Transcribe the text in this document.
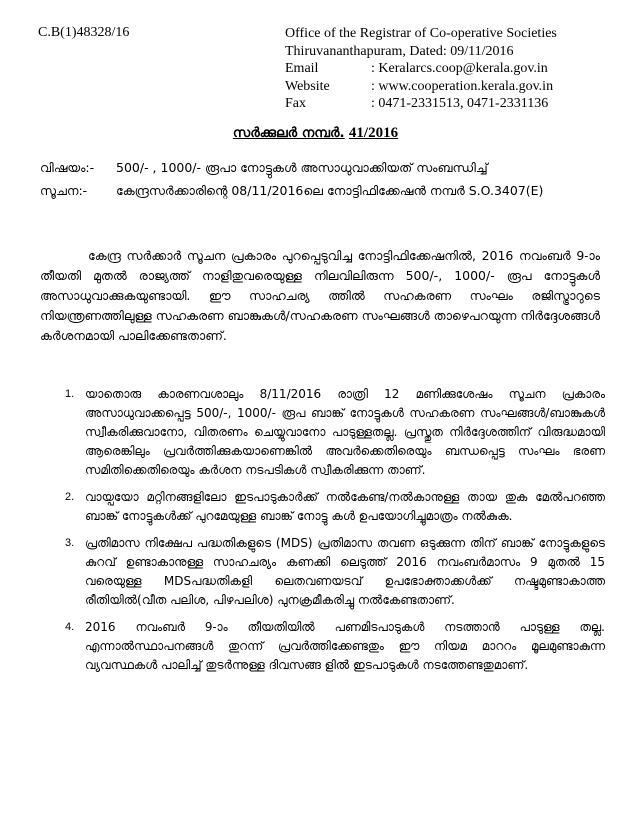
C.B(1)48328/16	Office of the Registrar of Co-operative Societies
Thiruvananthapuram, Dated: 09/11/2016
Email	: Keralarcs.coop@kerala.gov.in
Website	: www.cooperation.kerala.gov.in
Fax	: 0471-2331513, 0471-2331136
സർക്കുലർ നമ്പർ. 41/2016
വിഷയം:- 500/- , 1000/- രൂപാ നോട്ടുകൾ അസാധുവാക്കിയത് സംബന്ധിച്ച്
സൂചന:- കേന്ദ്രസർക്കാരിന്റെ 08/11/2016ലെ നോട്ടിഫിക്കേഷൻ നമ്പർ S.O.3407(E)
കേന്ദ്ര സർക്കാർ സൂചന പ്രകാരം പുറപ്പെടുവിച്ച നോട്ടിഫിക്കേഷനിൽ, 2016 നവംബർ 9-ാം തീയതി മുതൽ രാജ്യത്ത് നാളിതുവരെയുള്ള നിലവിലിരുന്ന 500/-, 1000/- രൂപ നോട്ടുകൾ അസാധുവാക്കുകയുണ്ടായി. ഈ സാഹചര്യ ത്തിൽ സഹകരണ സംഘം രജിസ്ട്രാറുടെ നിയന്ത്രണത്തിലുള്ള സഹകരണ ബാങ്കുകൾ/സഹകരണ സംഘങ്ങൾ താഴെപറയുന്ന നിർദ്ദേശങ്ങൾ കർശനമായി പാലിക്കേണ്ടതാണ്.
1. യാതൊരു കാരണവശാലും 8/11/2016 രാത്രി 12 മണിക്കുശേഷം സൂചന പ്രകാരം അസാധുവാക്കപ്പെട്ട 500/-, 1000/- രൂപ ബാങ്ക് നോട്ടുകൾ സഹകരണ സംഘങ്ങൾ/ബാങ്കുകൾ സ്വീകരിക്കുവാനോ, വിതരണം ചെയ്യുവാനോ പാടുള്ളതല്ല. പ്രസ്തുത നിർദ്ദേശത്തിന് വിരുദ്ധമായി ആരെങ്കിലും പ്രവർത്തിക്കുകയാണെങ്കിൽ അവർക്കെതിരെയും ബന്ധപ്പെട്ട സംഘം ഭരണ സമിതിക്കെതിരെയും കർശന നടപടികൾ സ്വീകരിക്കുന്ന താണ്.
2. വായ്പയോ മറ്റിനങ്ങളിലോ ഇടപാടുകാർക്ക് നൽകേണ്ട/നൽകാനുള്ള തായ തുക മേൽപറഞ്ഞ ബാങ്ക് നോട്ടുകൾക്ക് പുറമേയുള്ള ബാങ്ക് നോട്ടു കൾ ഉപയോഗിച്ചുമാത്രം നൽകുക.
3. പ്രതിമാസ നിക്ഷേപ പദ്ധതികളുടെ (MDS) പ്രതിമാസ തവണ ഒടുക്കുന്ന തിന് ബാങ്ക് നോട്ടുകളുടെ കുറവ് ഉണ്ടാകാനുള്ള സാഹചര്യം കണക്കി ലെടുത്ത് 2016 നവംബർമാസം 9 മുതൽ 15 വരെയുള്ള MDSപദ്ധതികളി ലെതവണയടവ് ഉപഭോക്താക്കൾക്ക് നഷ്ടമുണ്ടാകാത്ത രീതിയിൽ(വീത പലിശ, പിഴപലിശ) പുനക്രമീകരിച്ചു നൽകേണ്ടതാണ്.
4. 2016 നവംബർ 9-ാം തീയതിയിൽ പണമിടപാടുകൾ നടത്താൻ പാടുള്ള തല്ല. എന്നാൽസ്ഥാപനങ്ങൾ തുറന്ന് പ്രവർത്തിക്കേണ്ടതും ഈ നിയമ മാററം മൂലമുണ്ടാകുന്ന വ്യവസ്ഥകൾ പാലിച്ച് തുടർന്നുള്ള ദിവസങ്ങ ളിൽ ഇടപാടുകൾ നടത്തേണ്ടതുമാണ്.
